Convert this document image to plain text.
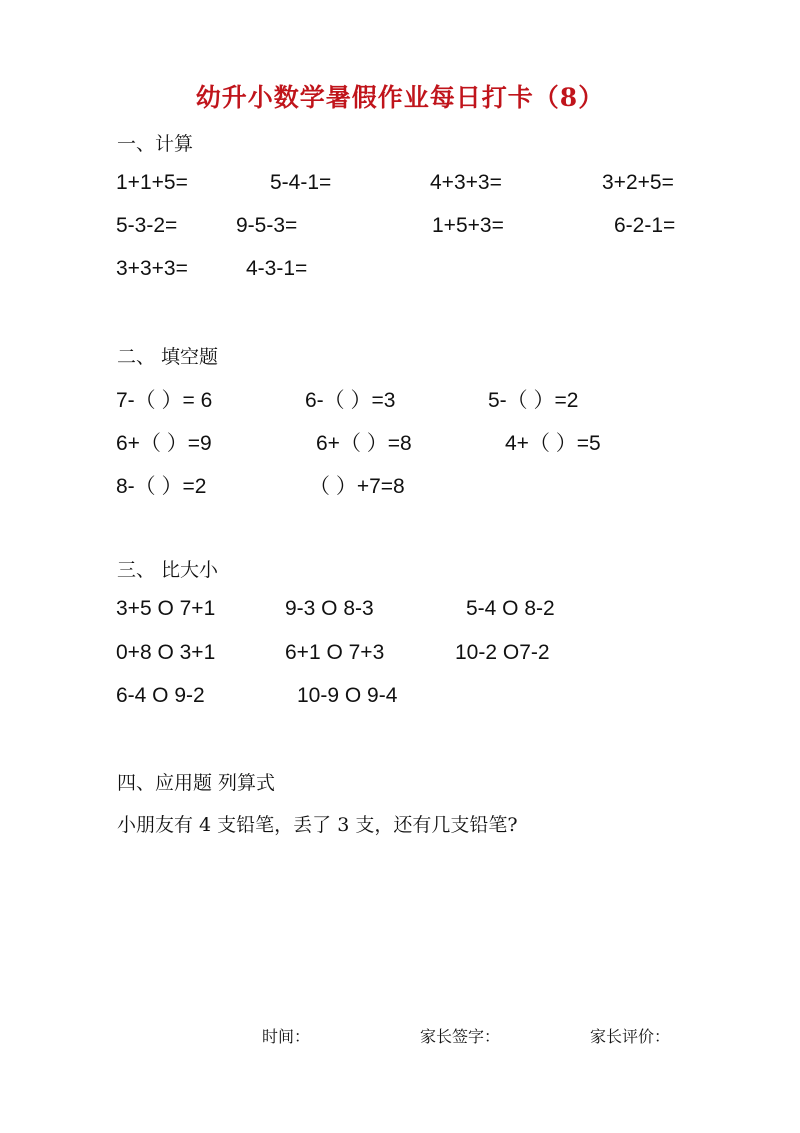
幼升小数学暑假作业每日打卡（8）
一、计算
1+1+5=	5-4-1=	4+3+3=	3+2+5=
5-3-2=	9-5-3=	1+5+3=	6-2-1=
3+3+3=	4-3-1=
二、 填空题
7-（ ）= 6	6-（ ）=3	5-（ ）=2
6+（ ）=9	6+（ ）=8	4+（ ）=5
8-（ ）=2	（ ）+7=8
三、 比大小
3+5 O 7+1	9-3 O 8-3	5-4 O 8-2
0+8 O 3+1	6+1 O 7+3	10-2 O7-2
6-4 O 9-2	10-9 O 9-4
四、应用题 列算式
小朋友有 4 支铅笔，丢了 3 支，还有几支铅笔?
时间：	家长签字：	家长评价：
